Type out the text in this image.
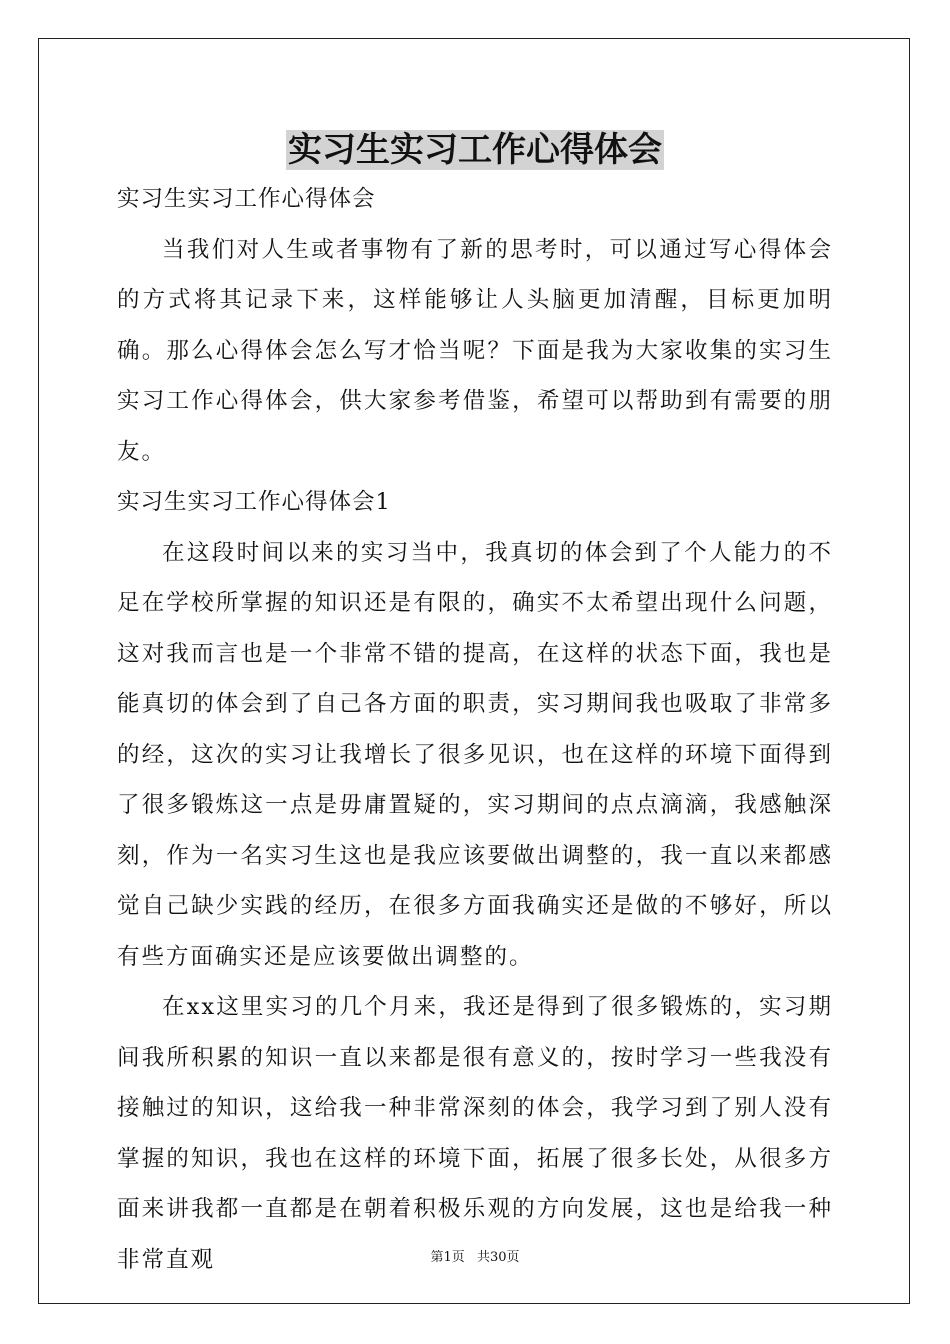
实习生实习工作心得体会

实习生实习工作心得体会

当我们对人生或者事物有了新的思考时，可以通过写心得体会的方式将其记录下来，这样能够让人头脑更加清醒，目标更加明确。那么心得体会怎么写才恰当呢？下面是我为大家收集的实习生实习工作心得体会，供大家参考借鉴，希望可以帮助到有需要的朋友。

实习生实习工作心得体会1

在这段时间以来的实习当中，我真切的体会到了个人能力的不足在学校所掌握的知识还是有限的，确实不太希望出现什么问题，这对我而言也是一个非常不错的提高，在这样的状态下面，我也是能真切的体会到了自己各方面的职责，实习期间我也吸取了非常多的经，这次的实习让我增长了很多见识，也在这样的环境下面得到了很多锻炼这一点是毋庸置疑的，实习期间的点点滴滴，我感触深刻，作为一名实习生这也是我应该要做出调整的，我一直以来都感觉自己缺少实践的经历，在很多方面我确实还是做的不够好，所以有些方面确实还是应该要做出调整的。

在xx这里实习的几个月来，我还是得到了很多锻炼的，实习期间我所积累的知识一直以来都是很有意义的，按时学习一些我没有接触过的知识，这给我一种非常深刻的体会，我学习到了别人没有掌握的知识，我也在这样的环境下面，拓展了很多长处，从很多方面来讲我都一直都是在朝着积极乐观的方向发展，这也是给我一种非常直观	第1页 共30页
